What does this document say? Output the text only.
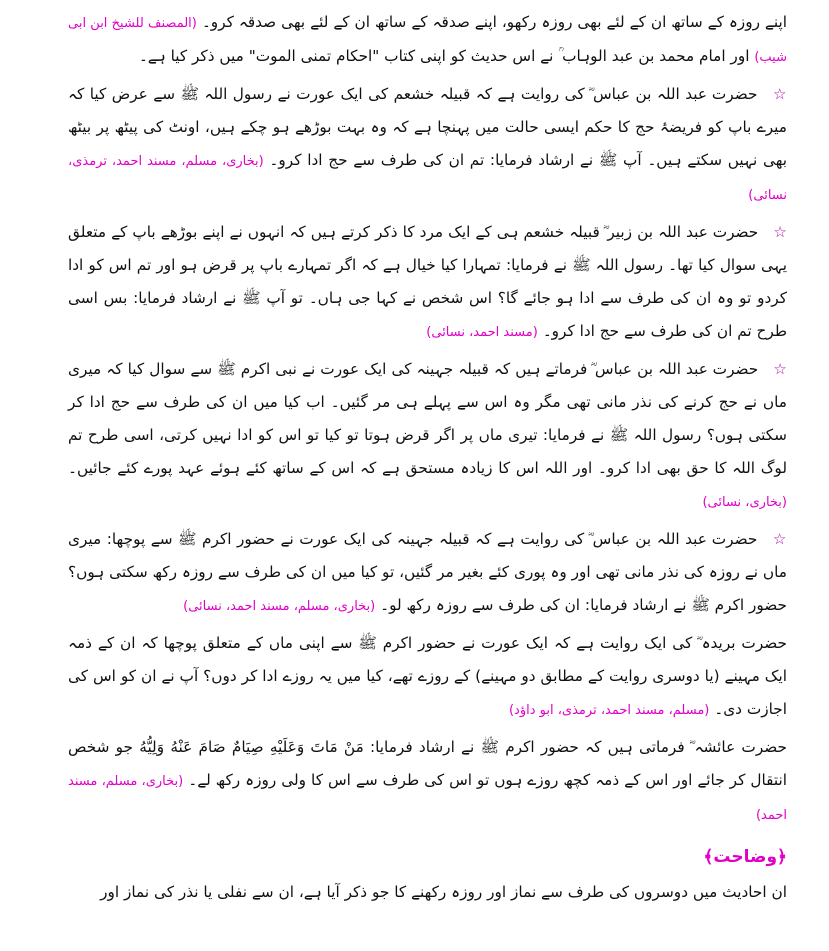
اپنے روزہ کے ساتھ ان کے لئے بھی روزہ رکھو، اپنے صدقہ کے ساتھ ان کے لئے بھی صدقہ کرو۔ (المصنف للشیخ ابن ابی شیب) اور امام محمد بن عبد الوہاب ؒ نے اس حدیث کو اپنی کتاب "احکام تمنی الموت" میں ذکر کیا ہے۔

☆ حضرت عبد اللہ بن عباس ؓ کی روایت ہے کہ قبیلہ خشعم کی ایک عورت نے رسول اللہ ﷺ سے عرض کیا کہ میرے باپ کو فریضۂ حج کا حکم ایسی حالت میں پہنچا ہے کہ وہ بہت بوڑھے ہو چکے ہیں، اونٹ کی پیٹھ پر بیٹھ بھی نہیں سکتے ہیں۔ آپ ﷺ نے ارشاد فرمایا: تم ان کی طرف سے حج ادا کرو۔ (بخاری، مسلم، مسند احمد، ترمذی، نسائی)

☆ حضرت عبد اللہ بن زبیر ؓ قبیلہ خشعم ہی کے ایک مرد کا ذکر کرتے ہیں کہ انہوں نے اپنے بوڑھے باپ کے متعلق یہی سوال کیا تھا۔ رسول اللہ ﷺ نے فرمایا: تمہارا کیا خیال ہے کہ اگر تمہارے باپ پر قرض ہو اور تم اس کو ادا کردو تو وہ ان کی طرف سے ادا ہو جائے گا؟ اس شخص نے کہا جی ہاں۔ تو آپ ﷺ نے ارشاد فرمایا: بس اسی طرح تم ان کی طرف سے حج ادا کرو۔ (مسند احمد، نسائی)

☆ حضرت عبد اللہ بن عباس ؓ فرماتے ہیں کہ قبیلہ جہینہ کی ایک عورت نے نبی اکرم ﷺ سے سوال کیا کہ میری ماں نے حج کرنے کی نذر مانی تھی مگر وہ اس سے پہلے ہی مر گئیں۔ اب کیا میں ان کی طرف سے حج ادا کر سکتی ہوں؟ رسول اللہ ﷺ نے فرمایا: تیری ماں پر اگر قرض ہوتا تو کیا تو اس کو ادا نہیں کرتی، اسی طرح تم لوگ اللہ کا حق بھی ادا کرو۔ اور اللہ اس کا زیادہ مستحق ہے کہ اس کے ساتھ کئے ہوئے عہد پورے کئے جائیں۔ (بخاری، نسائی)

☆ حضرت عبد اللہ بن عباس ؓ کی روایت ہے کہ قبیلہ جہینہ کی ایک عورت نے حضور اکرم ﷺ سے پوچھا: میری ماں نے روزہ کی نذر مانی تھی اور وہ پوری کئے بغیر مر گئیں، تو کیا میں ان کی طرف سے روزہ رکھ سکتی ہوں؟ حضور اکرم ﷺ نے ارشاد فرمایا: ان کی طرف سے روزہ رکھ لو۔ (بخاری، مسلم، مسند احمد، نسائی)

حضرت بریدہ ؓ کی ایک روایت ہے کہ ایک عورت نے حضور اکرم ﷺ سے اپنی ماں کے متعلق پوچھا کہ ان کے ذمہ ایک مہینے (یا دوسری روایت کے مطابق دو مہینے) کے روزے تھے، کیا میں یہ روزے ادا کر دوں؟ آپ نے ان کو اس کی اجازت دی۔ (مسلم، مسند احمد، ترمذی، ابو داؤد)

حضرت عائشہ ؓ فرماتی ہیں کہ حضور اکرم ﷺ نے ارشاد فرمایا: مَنْ مَاتَ وَعَلَيْهِ صِيَامٌ صَامَ عَنْهُ وَلِيُّهُ جو شخص انتقال کر جائے اور اس کے ذمہ کچھ روزے ہوں تو اس کی طرف سے اس کا ولی روزہ رکھ لے۔ (بخاری، مسلم، مسند احمد)

﴿وضاحت﴾

ان احادیث میں دوسروں کی طرف سے نماز اور روزہ رکھنے کا جو ذکر آیا ہے، ان سے نفلی یا نذر کی نماز اور
